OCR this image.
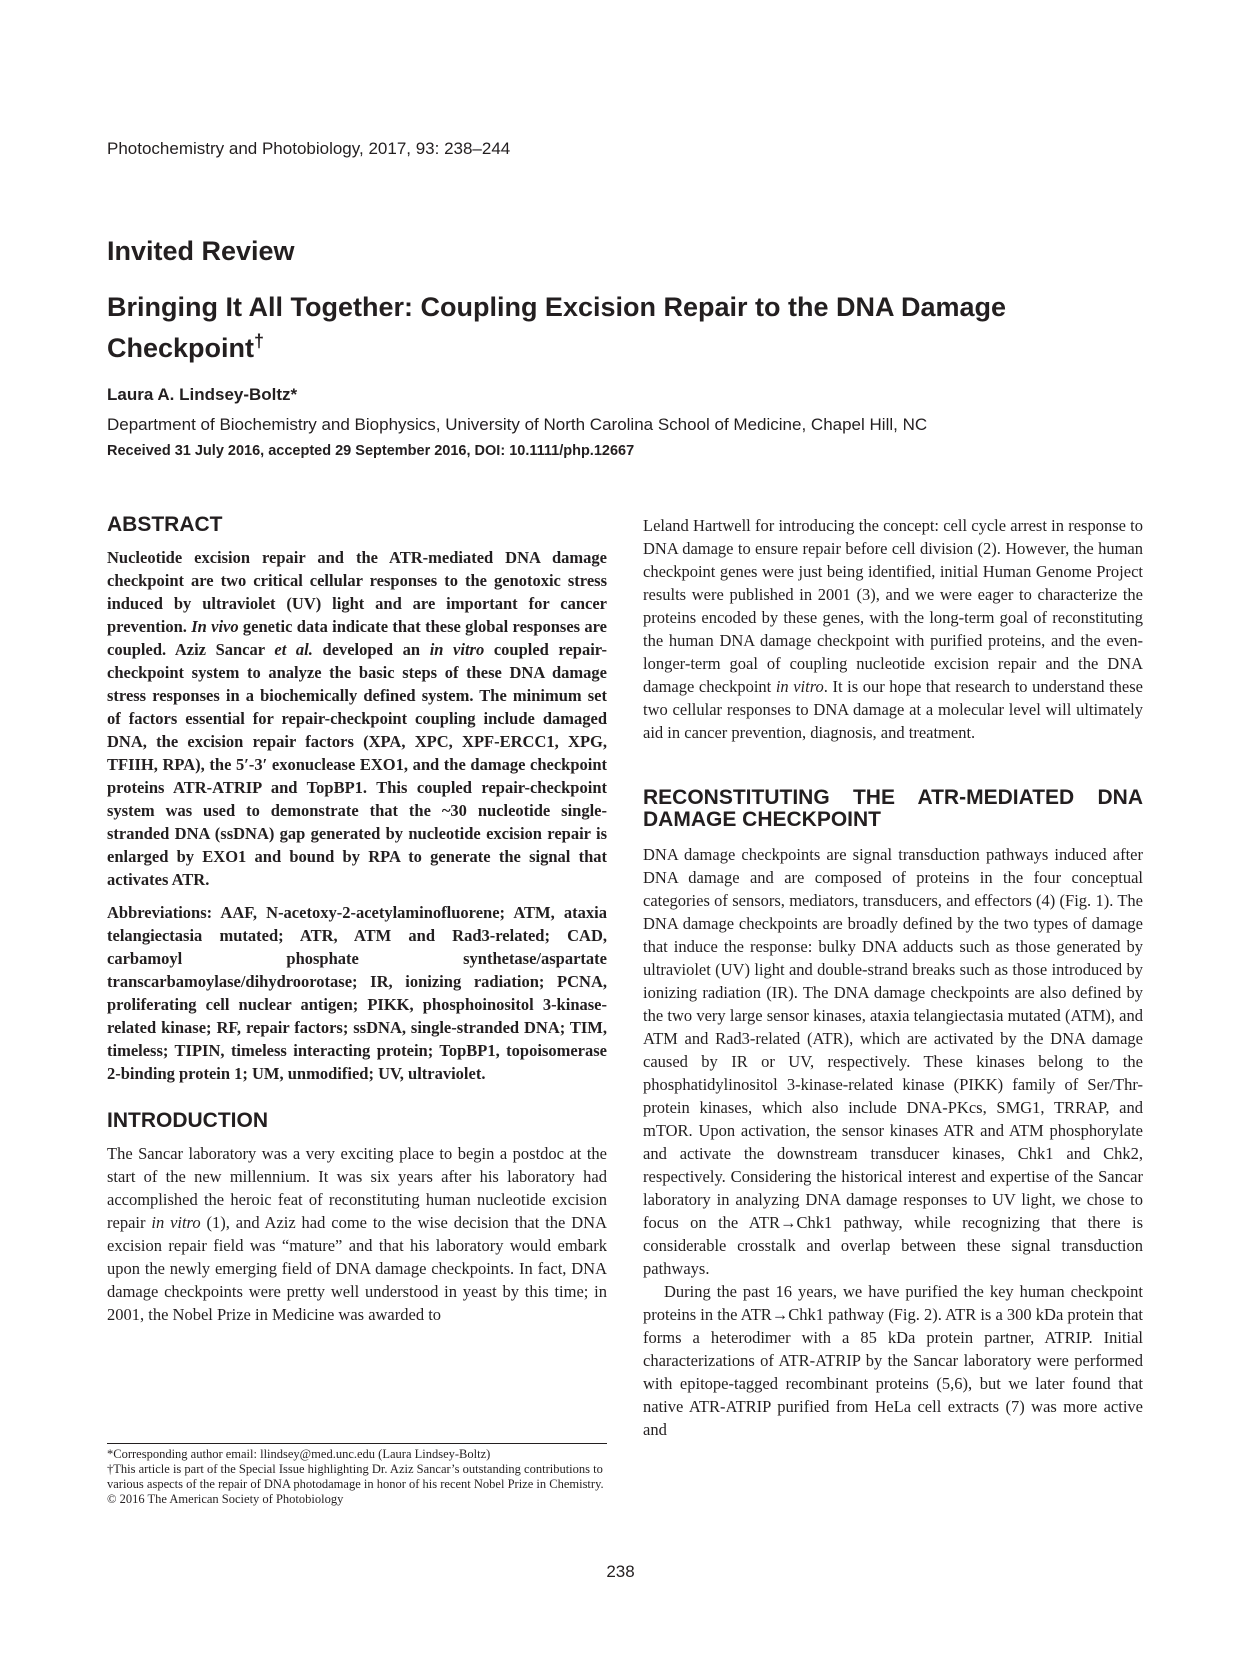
Photochemistry and Photobiology, 2017, 93: 238–244
Invited Review
Bringing It All Together: Coupling Excision Repair to the DNA Damage Checkpoint†
Laura A. Lindsey-Boltz*
Department of Biochemistry and Biophysics, University of North Carolina School of Medicine, Chapel Hill, NC
Received 31 July 2016, accepted 29 September 2016, DOI: 10.1111/php.12667
ABSTRACT

Nucleotide excision repair and the ATR-mediated DNA damage checkpoint are two critical cellular responses to the genotoxic stress induced by ultraviolet (UV) light and are important for cancer prevention. In vivo genetic data indicate that these global responses are coupled. Aziz Sancar et al. developed an in vitro coupled repair-checkpoint system to analyze the basic steps of these DNA damage stress responses in a biochemically defined system. The minimum set of factors essential for repair-checkpoint coupling include damaged DNA, the excision repair factors (XPA, XPC, XPF-ERCC1, XPG, TFIIH, RPA), the 5′-3′ exonuclease EXO1, and the damage checkpoint proteins ATR-ATRIP and TopBP1. This coupled repair-checkpoint system was used to demonstrate that the ~30 nucleotide single-stranded DNA (ssDNA) gap generated by nucleotide excision repair is enlarged by EXO1 and bound by RPA to generate the signal that activates ATR.

Abbreviations: AAF, N-acetoxy-2-acetylaminofluorene; ATM, ataxia telangiectasia mutated; ATR, ATM and Rad3-related; CAD, carbamoyl phosphate synthetase/aspartate transcarbamoylase/dihydroorotase; IR, ionizing radiation; PCNA, proliferating cell nuclear antigen; PIKK, phosphoinositol 3-kinase-related kinase; RF, repair factors; ssDNA, single-stranded DNA; TIM, timeless; TIPIN, timeless interacting protein; TopBP1, topoisomerase 2-binding protein 1; UM, unmodified; UV, ultraviolet.

INTRODUCTION

The Sancar laboratory was a very exciting place to begin a postdoc at the start of the new millennium. It was six years after his laboratory had accomplished the heroic feat of reconstituting human nucleotide excision repair in vitro (1), and Aziz had come to the wise decision that the DNA excision repair field was “mature” and that his laboratory would embark upon the newly emerging field of DNA damage checkpoints. In fact, DNA damage checkpoints were pretty well understood in yeast by this time; in 2001, the Nobel Prize in Medicine was awarded to

*Corresponding author email: llindsey@med.unc.edu (Laura Lindsey-Boltz)

†This article is part of the Special Issue highlighting Dr. Aziz Sancar’s outstanding contributions to various aspects of the repair of DNA photodamage in honor of his recent Nobel Prize in Chemistry.

© 2016 The American Society of Photobiology

Leland Hartwell for introducing the concept: cell cycle arrest in response to DNA damage to ensure repair before cell division (2). However, the human checkpoint genes were just being identified, initial Human Genome Project results were published in 2001 (3), and we were eager to characterize the proteins encoded by these genes, with the long-term goal of reconstituting the human DNA damage checkpoint with purified proteins, and the even-longer-term goal of coupling nucleotide excision repair and the DNA damage checkpoint in vitro. It is our hope that research to understand these two cellular responses to DNA damage at a molecular level will ultimately aid in cancer prevention, diagnosis, and treatment.

RECONSTITUTING THE ATR-MEDIATED DNA DAMAGE CHECKPOINT

DNA damage checkpoints are signal transduction pathways induced after DNA damage and are composed of proteins in the four conceptual categories of sensors, mediators, transducers, and effectors (4) (Fig. 1). The DNA damage checkpoints are broadly defined by the two types of damage that induce the response: bulky DNA adducts such as those generated by ultraviolet (UV) light and double-strand breaks such as those introduced by ionizing radiation (IR). The DNA damage checkpoints are also defined by the two very large sensor kinases, ataxia telangiectasia mutated (ATM), and ATM and Rad3-related (ATR), which are activated by the DNA damage caused by IR or UV, respectively. These kinases belong to the phosphatidylinositol 3-kinase-related kinase (PIKK) family of Ser/Thr-protein kinases, which also include DNA-PKcs, SMG1, TRRAP, and mTOR. Upon activation, the sensor kinases ATR and ATM phosphorylate and activate the downstream transducer kinases, Chk1 and Chk2, respectively. Considering the historical interest and expertise of the Sancar laboratory in analyzing DNA damage responses to UV light, we chose to focus on the ATR→Chk1 pathway, while recognizing that there is considerable crosstalk and overlap between these signal transduction pathways.

During the past 16 years, we have purified the key human checkpoint proteins in the ATR→Chk1 pathway (Fig. 2). ATR is a 300 kDa protein that forms a heterodimer with a 85 kDa protein partner, ATRIP. Initial characterizations of ATR-ATRIP by the Sancar laboratory were performed with epitope-tagged recombinant proteins (5,6), but we later found that native ATR-ATRIP purified from HeLa cell extracts (7) was more active and

238
